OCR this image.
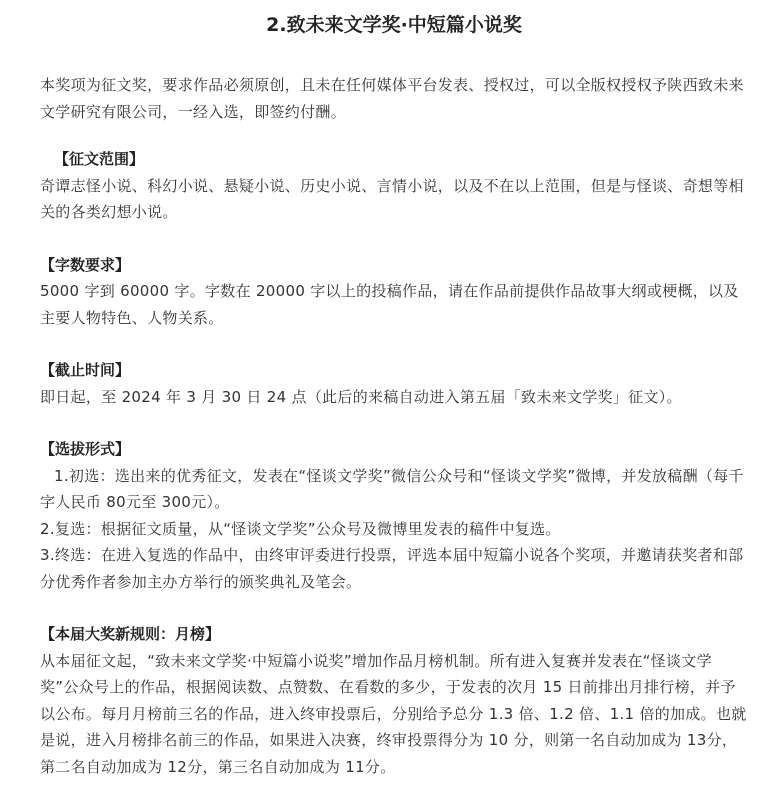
2.致未来文学奖·中短篇小说奖

本奖项为征文奖，要求作品必须原创，且未在任何媒体平台发表、授权过，可以全版权授权予陕西致未来文学研究有限公司，一经入选，即签约付酬。

【征文范围】

奇谭志怪小说、科幻小说、悬疑小说、历史小说、言情小说，以及不在以上范围，但是与怪谈、奇想等相关的各类幻想小说。

【字数要求】

5000 字到 60000 字。字数在 20000 字以上的投稿作品，请在作品前提供作品故事大纲或梗概，以及主要人物特色、人物关系。

【截止时间】

即日起，至 2024 年 3 月 30 日 24 点（此后的来稿自动进入第五届「致未来文学奖」征文）。

【选拔形式】

1.初选：选出来的优秀征文，发表在“怪谈文学奖”微信公众号和“怪谈文学奖”微博，并发放稿酬（每千字人民币 80元至 300元）。

2.复选：根据征文质量，从“怪谈文学奖”公众号及微博里发表的稿件中复选。

3.终选：在进入复选的作品中，由终审评委进行投票，评选本届中短篇小说各个奖项，并邀请获奖者和部分优秀作者参加主办方举行的颁奖典礼及笔会。

【本届大奖新规则：月榜】

从本届征文起，“致未来文学奖·中短篇小说奖”增加作品月榜机制。所有进入复赛并发表在“怪谈文学奖”公众号上的作品，根据阅读数、点赞数、在看数的多少，于发表的次月 15 日前排出月排行榜，并予以公布。每月月榜前三名的作品，进入终审投票后，分别给予总分 1.3 倍、1.2 倍、1.1 倍的加成。也就是说，进入月榜排名前三的作品，如果进入决赛，终审投票得分为 10 分，则第一名自动加成为 13分，第二名自动加成为 12分，第三名自动加成为 11分。
